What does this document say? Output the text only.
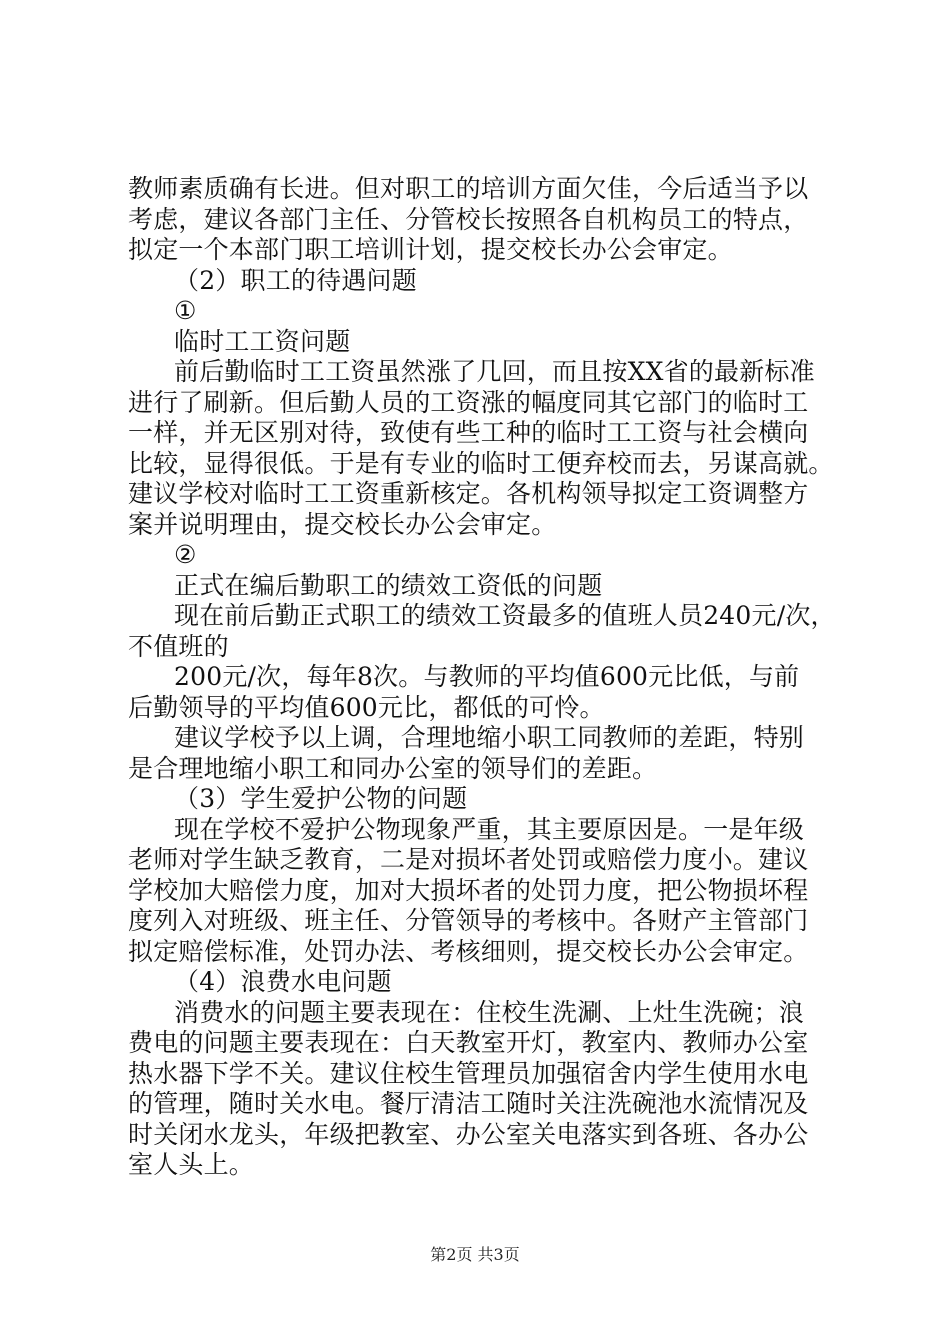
教师素质确有长进。但对职工的培训方面欠佳，今后适当予以
考虑，建议各部门主任、分管校长按照各自机构员工的特点，
拟定一个本部门职工培训计划，提交校长办公会审定。
（2）职工的待遇问题
①
临时工工资问题
前后勤临时工工资虽然涨了几回，而且按XX省的最新标准
进行了刷新。但后勤人员的工资涨的幅度同其它部门的临时工
一样，并无区别对待，致使有些工种的临时工工资与社会横向
比较，显得很低。于是有专业的临时工便弃校而去，另谋高就。
建议学校对临时工工资重新核定。各机构领导拟定工资调整方
案并说明理由，提交校长办公会审定。
②
正式在编后勤职工的绩效工资低的问题
现在前后勤正式职工的绩效工资最多的值班人员240元/次，
不值班的
200元/次，每年8次。与教师的平均值600元比低，与前
后勤领导的平均值600元比，都低的可怜。
建议学校予以上调，合理地缩小职工同教师的差距，特别
是合理地缩小职工和同办公室的领导们的差距。
（3）学生爱护公物的问题
现在学校不爱护公物现象严重，其主要原因是。一是年级
老师对学生缺乏教育，二是对损坏者处罚或赔偿力度小。建议
学校加大赔偿力度，加对大损坏者的处罚力度，把公物损坏程
度列入对班级、班主任、分管领导的考核中。各财产主管部门
拟定赔偿标准，处罚办法、考核细则，提交校长办公会审定。
（4）浪费水电问题
消费水的问题主要表现在：住校生洗涮、上灶生洗碗；浪
费电的问题主要表现在：白天教室开灯，教室内、教师办公室
热水器下学不关。建议住校生管理员加强宿舍内学生使用水电
的管理，随时关水电。餐厅清洁工随时关注洗碗池水流情况及
时关闭水龙头，年级把教室、办公室关电落实到各班、各办公
室人头上。
第2页 共3页
